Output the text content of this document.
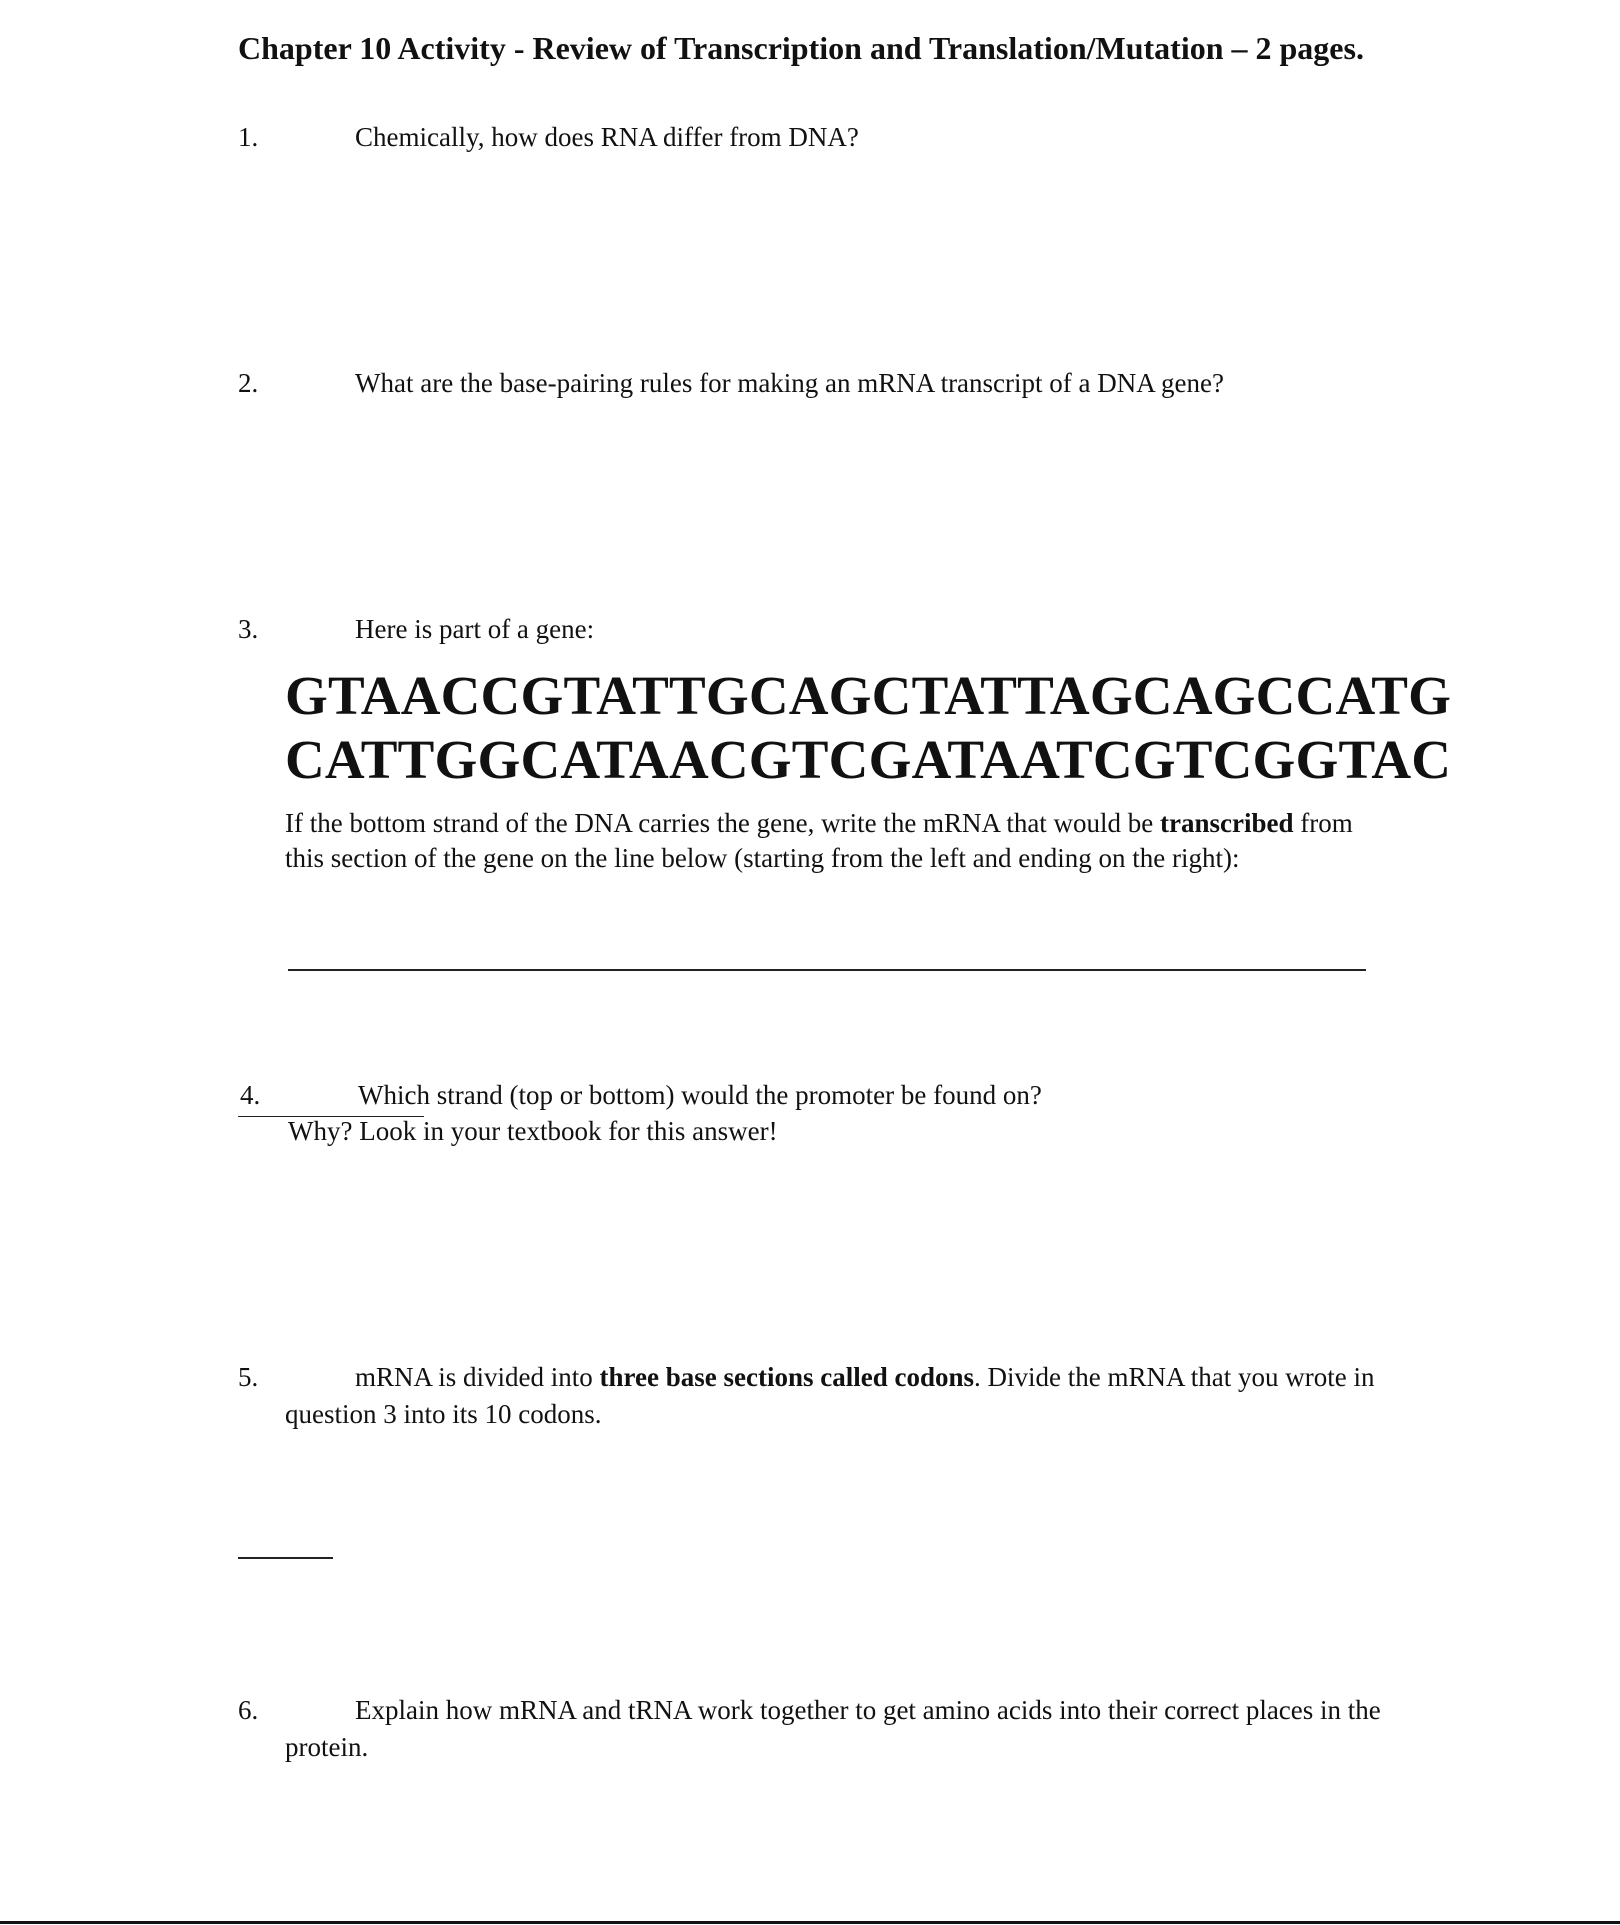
Chapter 10 Activity - Review of Transcription and Translation/Mutation – 2 pages.
1.	Chemically, how does RNA differ from DNA?
2.	What are the base-pairing rules for making an mRNA transcript of a DNA gene?
3.	Here is part of a gene:
GTAACCGTATTGCAGCTATTAGCAGCCATG
CATTGGCATAACGTCGATAATCGTCGGTAC
If the bottom strand of the DNA carries the gene, write the mRNA that would be transcribed from
this section of the gene on the line below (starting from the left and ending on the right):
4.	Which strand (top or bottom) would the promoter be found on?
Why? Look in your textbook for this answer!
5.	mRNA is divided into three base sections called codons. Divide the mRNA that you wrote in
question 3 into its 10 codons.
6.	Explain how mRNA and tRNA work together to get amino acids into their correct places in the
protein.
